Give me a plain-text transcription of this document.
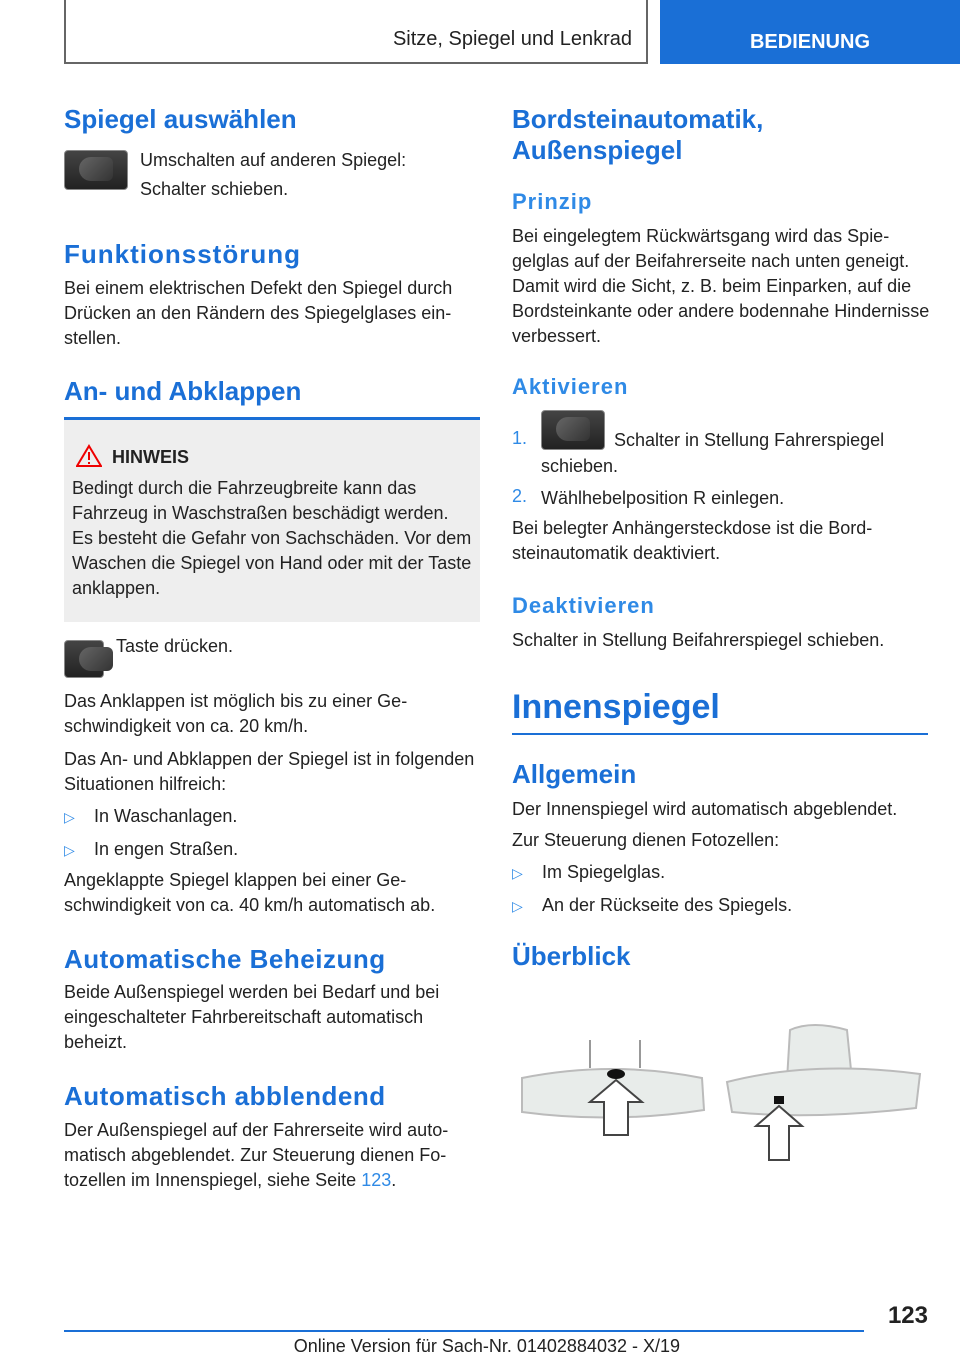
Sitze, Spiegel und Lenkrad	BEDIENUNG
Spiegel auswählen

Umschalten auf anderen Spiegel:

Schalter schieben.

Funktionsstörung

Bei einem elektrischen Defekt den Spiegel durch Drücken an den Rändern des Spiegelglases einstellen.

An- und Abklappen
HINWEIS

Bedingt durch die Fahrzeugbreite kann das Fahrzeug in Waschstraßen beschädigt werden. Es besteht die Gefahr von Sachschäden. Vor dem Waschen die Spiegel von Hand oder mit der Taste anklappen.

Taste drücken.

Das Anklappen ist möglich bis zu einer Geschwindigkeit von ca. 20 km/h.

Das An- und Abklappen der Spiegel ist in folgenden Situationen hilfreich:

▷ In Waschanlagen.
▷ In engen Straßen.

Angeklappte Spiegel klappen bei einer Geschwindigkeit von ca. 40 km/h automatisch ab.

Automatische Beheizung

Beide Außenspiegel werden bei Bedarf und bei eingeschalteter Fahrbereitschaft automatisch beheizt.

Automatisch abblendend

Der Außenspiegel auf der Fahrerseite wird automatisch abgeblendet. Zur Steuerung dienen Fotozellen im Innenspiegel, siehe Seite 123.

Bordsteinautomatik,
Außenspiegel
Prinzip

Bei eingelegtem Rückwärtsgang wird das Spiegelglas auf der Beifahrerseite nach unten geneigt. Damit wird die Sicht, z. B. beim Einparken, auf die Bordsteinkante oder andere bodennahe Hindernisse verbessert.

Aktivieren
1.	Schalter in Stellung Fahrerspiegel

schieben.

2. Wählhebelposition R einlegen.

Bei belegter Anhängersteckdose ist die Bordsteinautomatik deaktiviert.

Deaktivieren

Schalter in Stellung Beifahrerspiegel schieben.

Innenspiegel
Allgemein

Der Innenspiegel wird automatisch abgeblendet.

Zur Steuerung dienen Fotozellen:

▷ Im Spiegelglas.
▷ An der Rückseite des Spiegels.
Überblick
123
Online Version für Sach-Nr. 01402884032 - X/19
